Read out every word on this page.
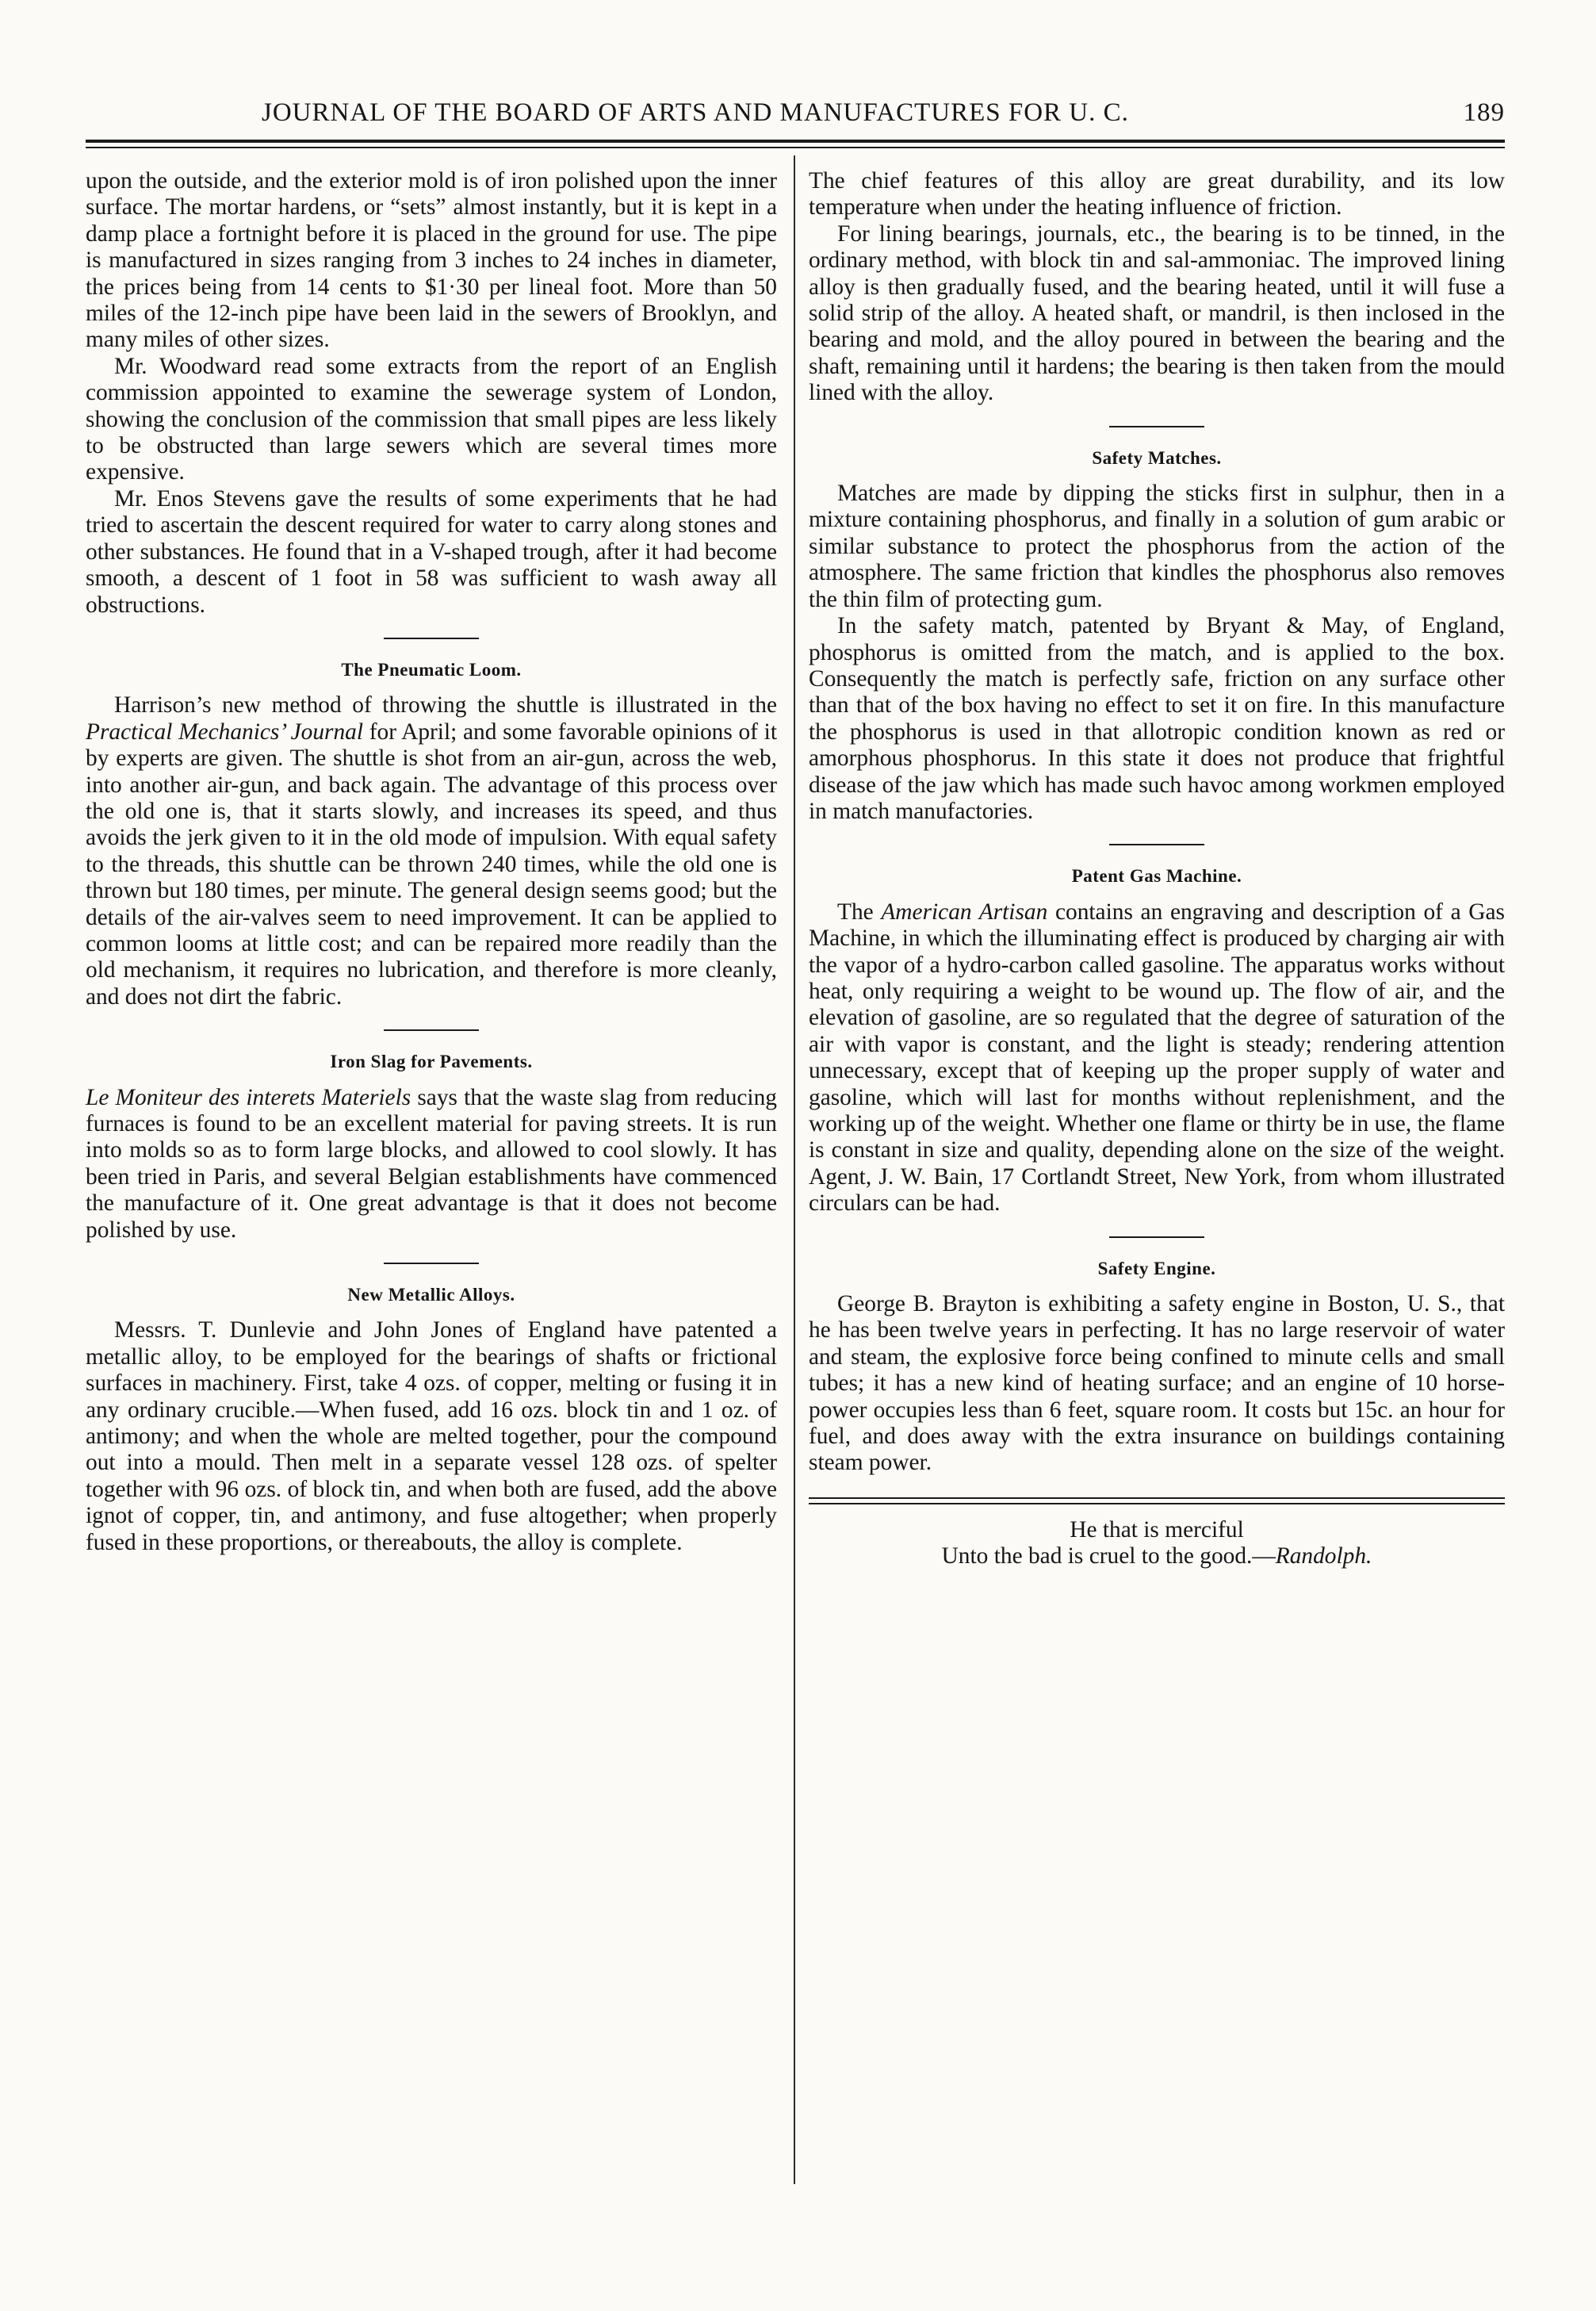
JOURNAL OF THE BOARD OF ARTS AND MANUFACTURES FOR U. C.	189

upon the outside, and the exterior mold is of iron polished upon the inner surface. The mortar hardens, or “sets” almost instantly, but it is kept in a damp place a fortnight before it is placed in the ground for use. The pipe is manufactured in sizes ranging from 3 inches to 24 inches in diameter, the prices being from 14 cents to $1·30 per lineal foot. More than 50 miles of the 12-inch pipe have been laid in the sewers of Brooklyn, and many miles of other sizes.

Mr. Woodward read some extracts from the report of an English commission appointed to examine the sewerage system of London, showing the conclusion of the commission that small pipes are less likely to be obstructed than large sewers which are several times more expensive.

Mr. Enos Stevens gave the results of some experiments that he had tried to ascertain the descent required for water to carry along stones and other substances. He found that in a V-shaped trough, after it had become smooth, a descent of 1 foot in 58 was sufficient to wash away all obstructions.

The Pneumatic Loom.

Harrison’s new method of throwing the shuttle is illustrated in the Practical Mechanics’ Journal for April; and some favorable opinions of it by experts are given. The shuttle is shot from an air-gun, across the web, into another air-gun, and back again. The advantage of this process over the old one is, that it starts slowly, and increases its speed, and thus avoids the jerk given to it in the old mode of impulsion. With equal safety to the threads, this shuttle can be thrown 240 times, while the old one is thrown but 180 times, per minute. The general design seems good; but the details of the air-valves seem to need improvement. It can be applied to common looms at little cost; and can be repaired more readily than the old mechanism, it requires no lubrication, and therefore is more cleanly, and does not dirt the fabric.

Iron Slag for Pavements.

Le Moniteur des interets Materiels says that the waste slag from reducing furnaces is found to be an excellent material for paving streets. It is run into molds so as to form large blocks, and allowed to cool slowly. It has been tried in Paris, and several Belgian establishments have commenced the manufacture of it. One great advantage is that it does not become polished by use.

New Metallic Alloys.

Messrs. T. Dunlevie and John Jones of England have patented a metallic alloy, to be employed for the bearings of shafts or frictional surfaces in machinery. First, take 4 ozs. of copper, melting or fusing it in any ordinary crucible.—When fused, add 16 ozs. block tin and 1 oz. of antimony; and when the whole are melted together, pour the compound out into a mould. Then melt in a separate vessel 128 ozs. of spelter together with 96 ozs. of block tin, and when both are fused, add the above ignot of copper, tin, and antimony, and fuse altogether; when properly fused in these proportions, or thereabouts, the alloy is complete.

The chief features of this alloy are great durability, and its low temperature when under the heating influence of friction.

For lining bearings, journals, etc., the bearing is to be tinned, in the ordinary method, with block tin and sal-ammoniac. The improved lining alloy is then gradually fused, and the bearing heated, until it will fuse a solid strip of the alloy. A heated shaft, or mandril, is then inclosed in the bearing and mold, and the alloy poured in between the bearing and the shaft, remaining until it hardens; the bearing is then taken from the mould lined with the alloy.

Safety Matches.

Matches are made by dipping the sticks first in sulphur, then in a mixture containing phosphorus, and finally in a solution of gum arabic or similar substance to protect the phosphorus from the action of the atmosphere. The same friction that kindles the phosphorus also removes the thin film of protecting gum.

In the safety match, patented by Bryant & May, of England, phosphorus is omitted from the match, and is applied to the box. Consequently the match is perfectly safe, friction on any surface other than that of the box having no effect to set it on fire. In this manufacture the phosphorus is used in that allotropic condition known as red or amorphous phosphorus. In this state it does not produce that frightful disease of the jaw which has made such havoc among workmen employed in match manufactories.

Patent Gas Machine.

The American Artisan contains an engraving and description of a Gas Machine, in which the illuminating effect is produced by charging air with the vapor of a hydro-carbon called gasoline. The apparatus works without heat, only requiring a weight to be wound up. The flow of air, and the elevation of gasoline, are so regulated that the degree of saturation of the air with vapor is constant, and the light is steady; rendering attention unnecessary, except that of keeping up the proper supply of water and gasoline, which will last for months without replenishment, and the working up of the weight. Whether one flame or thirty be in use, the flame is constant in size and quality, depending alone on the size of the weight. Agent, J. W. Bain, 17 Cortlandt Street, New York, from whom illustrated circulars can be had.

Safety Engine.

George B. Brayton is exhibiting a safety engine in Boston, U. S., that he has been twelve years in perfecting. It has no large reservoir of water and steam, the explosive force being confined to minute cells and small tubes; it has a new kind of heating surface; and an engine of 10 horse-power occupies less than 6 feet, square room. It costs but 15c. an hour for fuel, and does away with the extra insurance on buildings containing steam power.

He that is merciful
Unto the bad is cruel to the good.—Randolph.
